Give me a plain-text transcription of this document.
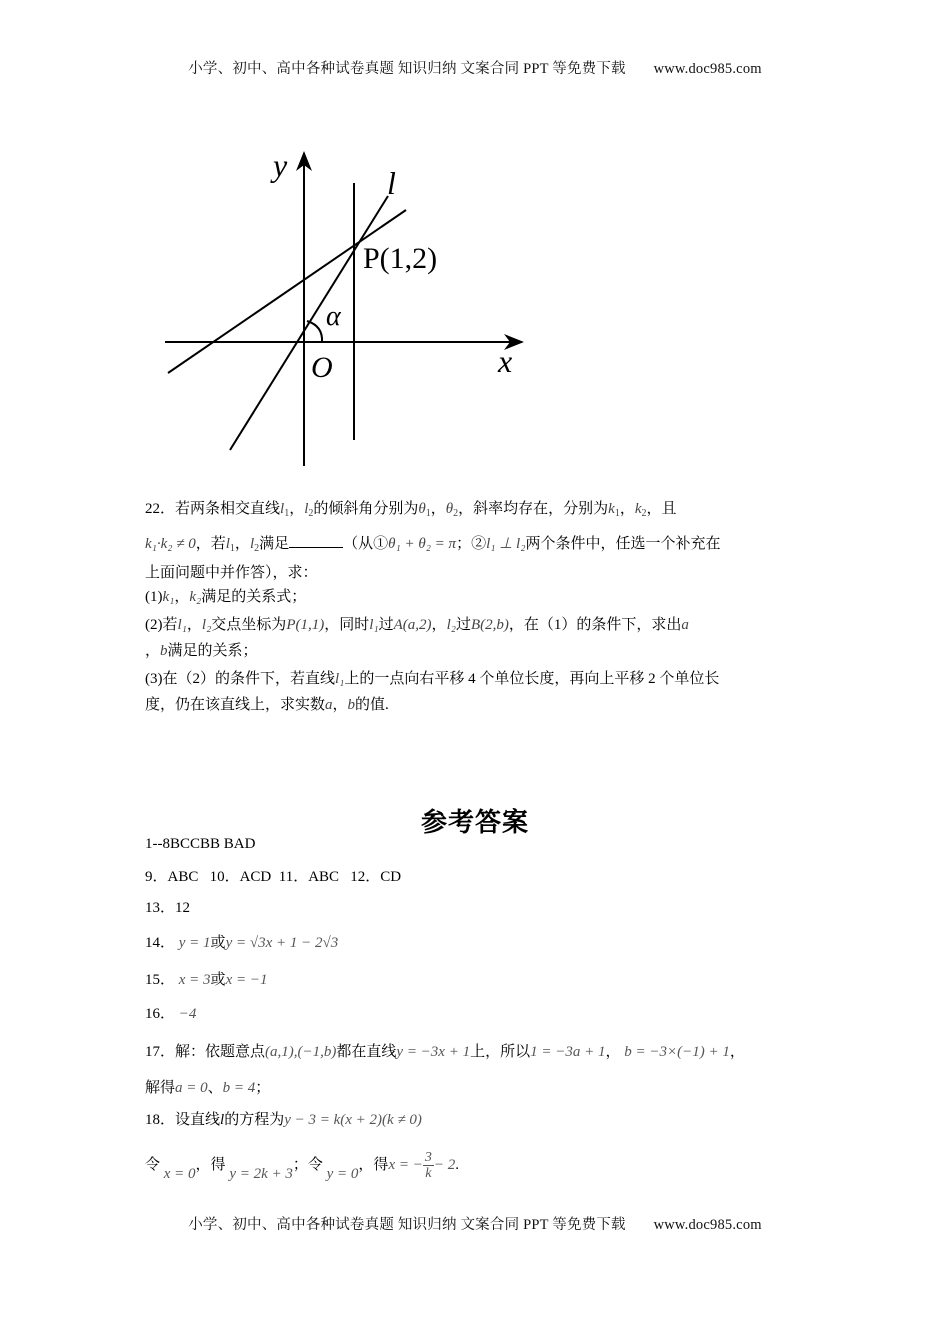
小学、初中、高中各种试卷真题 知识归纳 文案合同 PPT 等免费下载 www.doc985.com
y
x
O
l
P(1,2)
α

22．若两条相交直线$l_1$，$l_2$的倾斜角分别为$\theta_1$，$\theta_2$，斜率均存在，分别为$k_1$，$k_2$，且

k₁·k₂ ≠ 0，若$l_1$，$l_2$满足	（从①θ₁ + θ₂ = π；②l₁ ⊥ l₂两个条件中，任选一个补充在

上面问题中并作答），求：

(1)k₁，k₂满足的关系式；

(2)若l₁，l₂交点坐标为P(1,1)，同时l₁过A(a,2)，l₂过B(2,b)，在（1）的条件下，求出a
，b满足的关系；

(3)在（2）的条件下，若直线l₁上的一点向右平移 4 个单位长度，再向上平移 2 个单位长
度，仍在该直线上，求实数a，b的值.

参考答案
1--8BCCBB BAD
9．ABC   10．ACD  11．ABC   12．CD
13．12
14． y = 1或y = √3x + 1 − 2√3
15． x = 3或x = −1
16． −4
17．解：依题意点(a,1),(−1,b)都在直线y = −3x + 1上，所以1 = −3a + 1， b = −3×(−1) + 1，
解得a = 0、b = 4；
18．设直线l的方程为y − 3 = k(x + 2)(k ≠ 0)
令 x = 0，得 y = 2k + 3；令 y = 0，得x = − $\frac{3}{k} - 2$.
小学、初中、高中各种试卷真题 知识归纳 文案合同 PPT 等免费下载 www.doc985.com
